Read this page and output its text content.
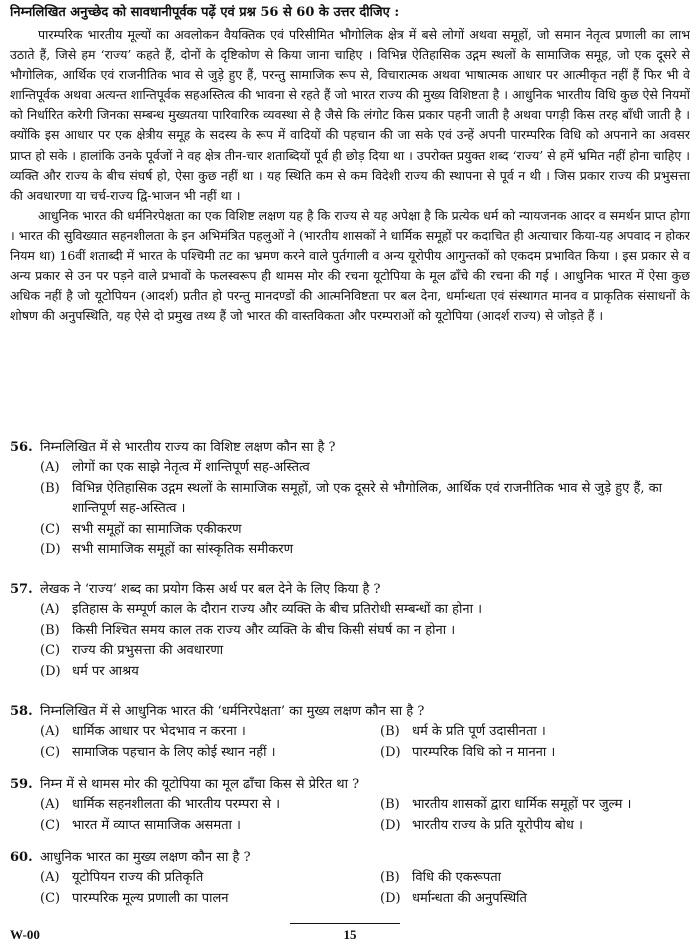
निम्नलिखित अनुच्छेद को सावधानीपूर्वक पढ़ें एवं प्रश्न 56 से 60 के उत्तर दीजिए :

पारम्परिक भारतीय मूल्यों का अवलोकन वैयक्तिक एवं परिसीमित भौगोलिक क्षेत्र में बसे लोगों अथवा समूहों, जो समान नेतृत्व प्रणाली का लाभ उठाते हैं, जिसे हम ‘राज्य’ कहते हैं, दोनों के दृष्टिकोण से किया जाना चाहिए । विभिन्न ऐतिहासिक उद्गम स्थलों के सामाजिक समूह, जो एक दूसरे से भौगोलिक, आर्थिक एवं राजनीतिक भाव से जुड़े हुए हैं, परन्तु सामाजिक रूप से, विचारात्मक अथवा भाषात्मक आधार पर आत्मीकृत नहीं हैं फिर भी वे शान्तिपूर्वक अथवा अत्यन्त शान्तिपूर्वक सहअस्तित्व की भावना से रहते हैं जो भारत राज्य की मुख्य विशिष्टता है । आधुनिक भारतीय विधि कुछ ऐसे नियमों को निर्धारित करेगी जिनका सम्बन्ध मुख्यतया पारिवारिक व्यवस्था से है जैसे कि लंगोट किस प्रकार पहनी जाती है अथवा पगड़ी किस तरह बाँधी जाती है । क्योंकि इस आधार पर एक क्षेत्रीय समूह के सदस्य के रूप में वादियों की पहचान की जा सके एवं उन्हें अपनी पारम्परिक विधि को अपनाने का अवसर प्राप्त हो सके । हालांकि उनके पूर्वजों ने वह क्षेत्र तीन-चार शताब्दियों पूर्व ही छोड़ दिया था । उपरोक्त प्रयुक्त शब्द ‘राज्य’ से हमें भ्रमित नहीं होना चाहिए । व्यक्ति और राज्य के बीच संघर्ष हो, ऐसा कुछ नहीं था । यह स्थिति कम से कम विदेशी राज्य की स्थापना से पूर्व न थी । जिस प्रकार राज्य की प्रभुसत्ता की अवधारणा या चर्च-राज्य द्वि-भाजन भी नहीं था ।

आधुनिक भारत की धर्मनिरपेक्षता का एक विशिष्ट लक्षण यह है कि राज्य से यह अपेक्षा है कि प्रत्येक धर्म को न्यायजनक आदर व समर्थन प्राप्त होगा । भारत की सुविख्यात सहनशीलता के इन अभिमंत्रित पहलुओं ने (भारतीय शासकों ने धार्मिक समूहों पर कदाचित ही अत्याचार किया-यह अपवाद न होकर नियम था) 16वीं शताब्दी में भारत के पश्चिमी तट का भ्रमण करने वाले पुर्तगाली व अन्य यूरोपीय आगुन्तकों को एकदम प्रभावित किया । इस प्रकार से व अन्य प्रकार से उन पर पड़ने वाले प्रभावों के फलस्वरूप ही थामस मोर की रचना यूटोपिया के मूल ढाँचे की रचना की गई । आधुनिक भारत में ऐसा कुछ अधिक नहीं है जो यूटोपियन (आदर्श) प्रतीत हो परन्तु मानदण्डों की आत्मनिविष्टता पर बल देना, धर्मान्धता एवं संस्थागत मानव व प्राकृतिक संसाधनों के शोषण की अनुपस्थिति, यह ऐसे दो प्रमुख तथ्य हैं जो भारत की वास्तविकता और परम्पराओं को यूटोपिया (आदर्श राज्य) से जोड़ते हैं ।

56. निम्नलिखित में से भारतीय राज्य का विशिष्ट लक्षण कौन सा है ?
(A) लोगों का एक साझे नेतृत्व में शान्तिपूर्ण सह-अस्तित्व
(B) विभिन्न ऐतिहासिक उद्गम स्थलों के सामाजिक समूहों, जो एक दूसरे से भौगोलिक, आर्थिक एवं राजनीतिक भाव से जुड़े हुए हैं, का शान्तिपूर्ण सह-अस्तित्व ।
(C) सभी समूहों का सामाजिक एकीकरण
(D) सभी सामाजिक समूहों का सांस्कृतिक समीकरण
57. लेखक ने ‘राज्य’ शब्द का प्रयोग किस अर्थ पर बल देने के लिए किया है ?
(A) इतिहास के सम्पूर्ण काल के दौरान राज्य और व्यक्ति के बीच प्रतिरोधी सम्बन्धों का होना ।
(B) किसी निश्चित समय काल तक राज्य और व्यक्ति के बीच किसी संघर्ष का न होना ।
(C) राज्य की प्रभुसत्ता की अवधारणा
(D) धर्म पर आश्रय
58. निम्नलिखित में से आधुनिक भारत की ‘धर्मनिरपेक्षता’ का मुख्य लक्षण कौन सा है ?
(A) धार्मिक आधार पर भेदभाव न करना ।	(B) धर्म के प्रति पूर्ण उदासीनता ।
(C) सामाजिक पहचान के लिए कोई स्थान नहीं ।	(D) पारम्परिक विधि को न मानना ।
59. निम्न में से थामस मोर की यूटोपिया का मूल ढाँचा किस से प्रेरित था ?
(A) धार्मिक सहनशीलता की भारतीय परम्परा से ।	(B) भारतीय शासकों द्वारा धार्मिक समूहों पर जुल्म ।
(C) भारत में व्याप्त सामाजिक असमता ।	(D) भारतीय राज्य के प्रति यूरोपीय बोध ।
60. आधुनिक भारत का मुख्य लक्षण कौन सा है ?
(A) यूटोपियन राज्य की प्रतिकृति	(B) विधि की एकरूपता
(C) पारम्परिक मूल्य प्रणाली का पालन	(D) धर्मान्धता की अनुपस्थिति
W-00	15
